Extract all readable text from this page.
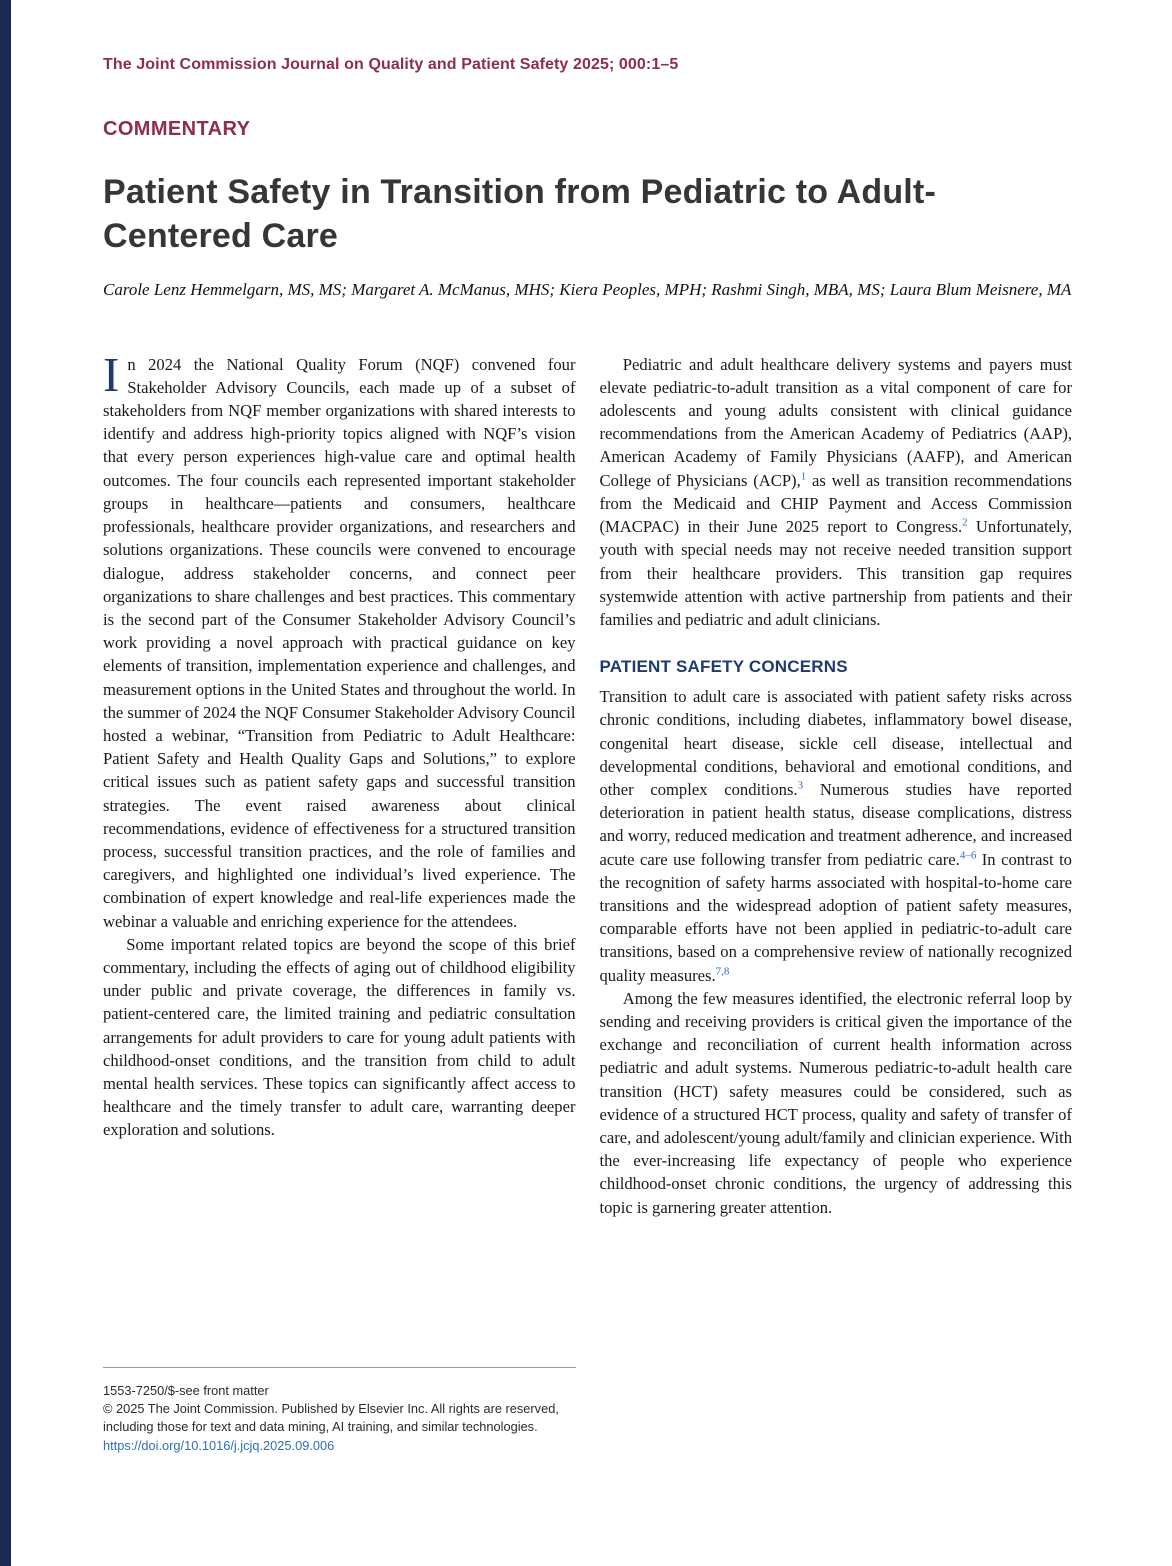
The Joint Commission Journal on Quality and Patient Safety 2025; 000:1–5
COMMENTARY
Patient Safety in Transition from Pediatric to Adult-Centered Care
Carole Lenz Hemmelgarn, MS, MS; Margaret A. McManus, MHS; Kiera Peoples, MPH; Rashmi Singh, MBA, MS; Laura Blum Meisnere, MA

In 2024 the National Quality Forum (NQF) convened four Stakeholder Advisory Councils, each made up of a subset of stakeholders from NQF member organizations with shared interests to identify and address high-priority topics aligned with NQF’s vision that every person experiences high-value care and optimal health outcomes. The four councils each represented important stakeholder groups in healthcare—patients and consumers, healthcare professionals, healthcare provider organizations, and researchers and solutions organizations. These councils were convened to encourage dialogue, address stakeholder concerns, and connect peer organizations to share challenges and best practices. This commentary is the second part of the Consumer Stakeholder Advisory Council’s work providing a novel approach with practical guidance on key elements of transition, implementation experience and challenges, and measurement options in the United States and throughout the world. In the summer of 2024 the NQF Consumer Stakeholder Advisory Council hosted a webinar, “Transition from Pediatric to Adult Healthcare: Patient Safety and Health Quality Gaps and Solutions,” to explore critical issues such as patient safety gaps and successful transition strategies. The event raised awareness about clinical recommendations, evidence of effectiveness for a structured transition process, successful transition practices, and the role of families and caregivers, and highlighted one individual’s lived experience. The combination of expert knowledge and real-life experiences made the webinar a valuable and enriching experience for the attendees.

Some important related topics are beyond the scope of this brief commentary, including the effects of aging out of childhood eligibility under public and private coverage, the differences in family vs. patient-centered care, the limited training and pediatric consultation arrangements for adult providers to care for young adult patients with childhood-onset conditions, and the transition from child to adult mental health services. These topics can significantly affect access to healthcare and the timely transfer to adult care, warranting deeper exploration and solutions.

1553-7250/$-see front matter
© 2025 The Joint Commission. Published by Elsevier Inc. All rights are reserved, including those for text and data mining, AI training, and similar technologies.
https://doi.org/10.1016/j.jcjq.2025.09.006

Pediatric and adult healthcare delivery systems and payers must elevate pediatric-to-adult transition as a vital component of care for adolescents and young adults consistent with clinical guidance recommendations from the American Academy of Pediatrics (AAP), American Academy of Family Physicians (AAFP), and American College of Physicians (ACP),$^1$ as well as transition recommendations from the Medicaid and CHIP Payment and Access Commission (MACPAC) in their June 2025 report to Congress.$^2$ Unfortunately, youth with special needs may not receive needed transition support from their healthcare providers. This transition gap requires systemwide attention with active partnership from patients and their families and pediatric and adult clinicians.

PATIENT SAFETY CONCERNS

Transition to adult care is associated with patient safety risks across chronic conditions, including diabetes, inflammatory bowel disease, congenital heart disease, sickle cell disease, intellectual and developmental conditions, behavioral and emotional conditions, and other complex conditions.$^3$ Numerous studies have reported deterioration in patient health status, disease complications, distress and worry, reduced medication and treatment adherence, and increased acute care use following transfer from pediatric care.$^{4-6}$ In contrast to the recognition of safety harms associated with hospital-to-home care transitions and the widespread adoption of patient safety measures, comparable efforts have not been applied in pediatric-to-adult care transitions, based on a comprehensive review of nationally recognized quality measures.$^{7,8}$

Among the few measures identified, the electronic referral loop by sending and receiving providers is critical given the importance of the exchange and reconciliation of current health information across pediatric and adult systems. Numerous pediatric-to-adult health care transition (HCT) safety measures could be considered, such as evidence of a structured HCT process, quality and safety of transfer of care, and adolescent/young adult/family and clinician experience. With the ever-increasing life expectancy of people who experience childhood-onset chronic conditions, the urgency of addressing this topic is garnering greater attention.
